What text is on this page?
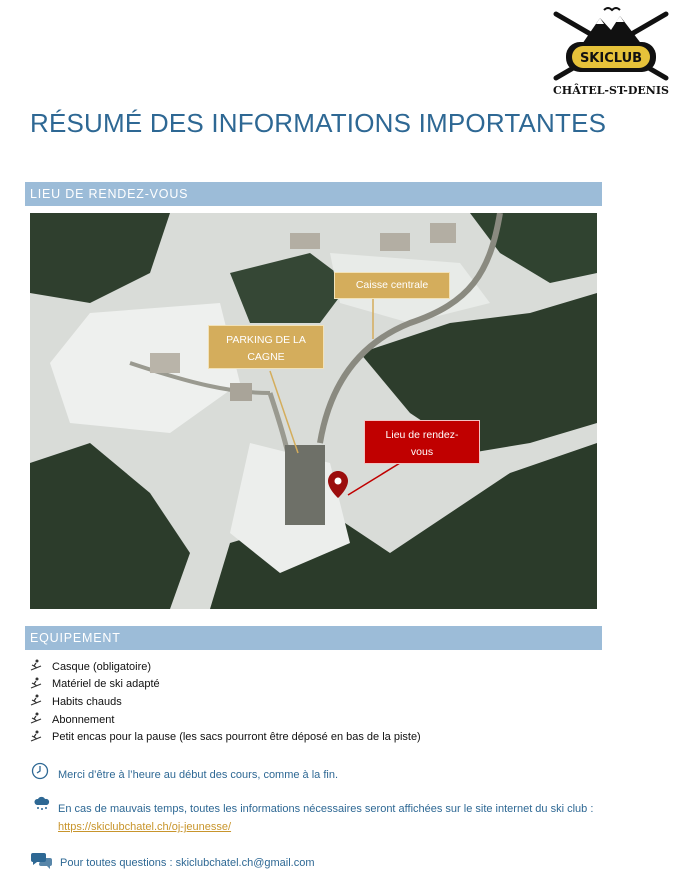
SKICLUB
CHÂTEL-ST-DENIS
RÉSUMÉ DES INFORMATIONS IMPORTANTES
LIEU DE RENDEZ-VOUS
Caisse centrale
PARKING DE LA CAGNE
Lieu de rendez-vous
EQUIPEMENT
Casque (obligatoire)
Matériel de ski adapté
Habits chauds
Abonnement
Petit encas pour la pause (les sacs pourront être déposé en bas de la piste)
Merci d’être à l’heure au début des cours, comme à la fin.
En cas de mauvais temps, toutes les informations nécessaires seront affichées sur le site internet du ski club : https://skiclubchatel.ch/oj-jeunesse/
Pour toutes questions : skiclubchatel.ch@gmail.com
